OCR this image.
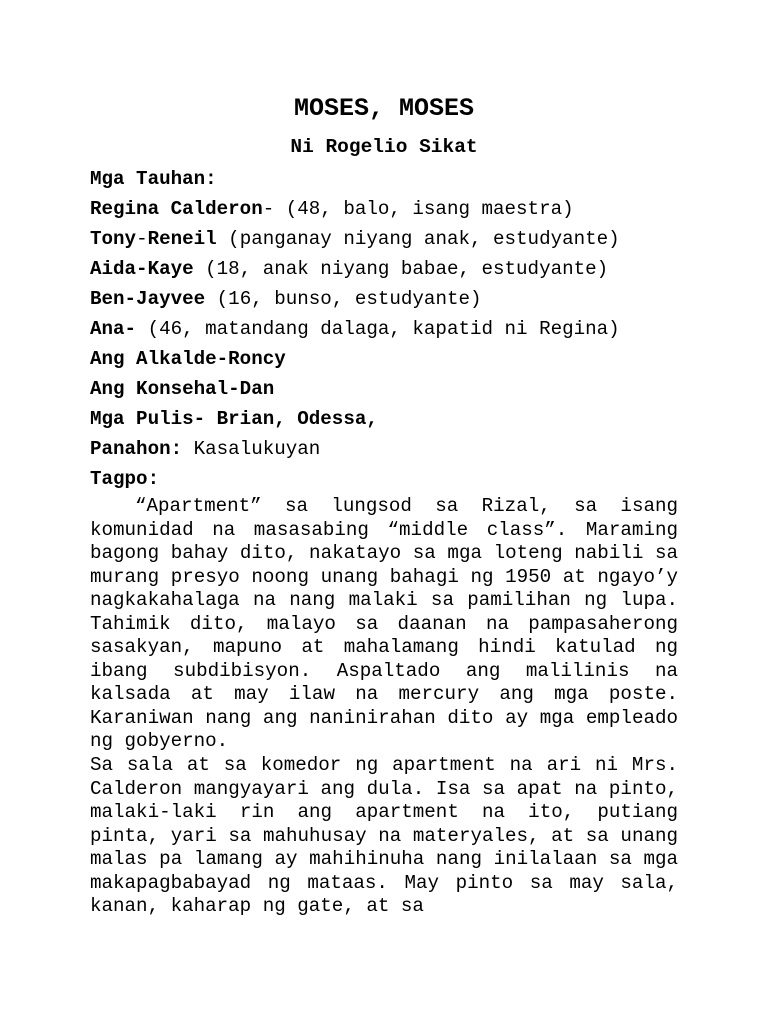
MOSES, MOSES
Ni Rogelio Sikat
Mga Tauhan:
Regina Calderon- (48, balo, isang maestra)
Tony-Reneil (panganay niyang anak, estudyante)
Aida-Kaye (18, anak niyang babae, estudyante)
Ben-Jayvee (16, bunso, estudyante)
Ana- (46, matandang dalaga, kapatid ni Regina)
Ang Alkalde-Roncy
Ang Konsehal-Dan
Mga Pulis- Brian, Odessa,
Panahon: Kasalukuyan
Tagpo:
“Apartment” sa lungsod sa Rizal, sa isang komunidad na masasabing “middle class”. Maraming bagong bahay dito, nakatayo sa mga loteng nabili sa murang presyo noong unang bahagi ng 1950 at ngayo’y nagkakahalaga na nang malaki sa pamilihan ng lupa. Tahimik dito, malayo sa daanan na pampasaherong sasakyan, mapuno at mahalamang hindi katulad ng ibang subdibisyon. Aspaltado ang malilinis na kalsada at may ilaw na mercury ang mga poste. Karaniwan nang ang naninirahan dito ay mga empleado ng gobyerno.
Sa sala at sa komedor ng apartment na ari ni Mrs. Calderon mangyayari ang dula. Isa sa apat na pinto, malaki-laki rin ang apartment na ito, putiang pinta, yari sa mahuhusay na materyales, at sa unang malas pa lamang ay mahihinuha nang inilalaan sa mga makapagbabayad ng mataas. May pinto sa may sala, kanan, kaharap ng gate, at sa
